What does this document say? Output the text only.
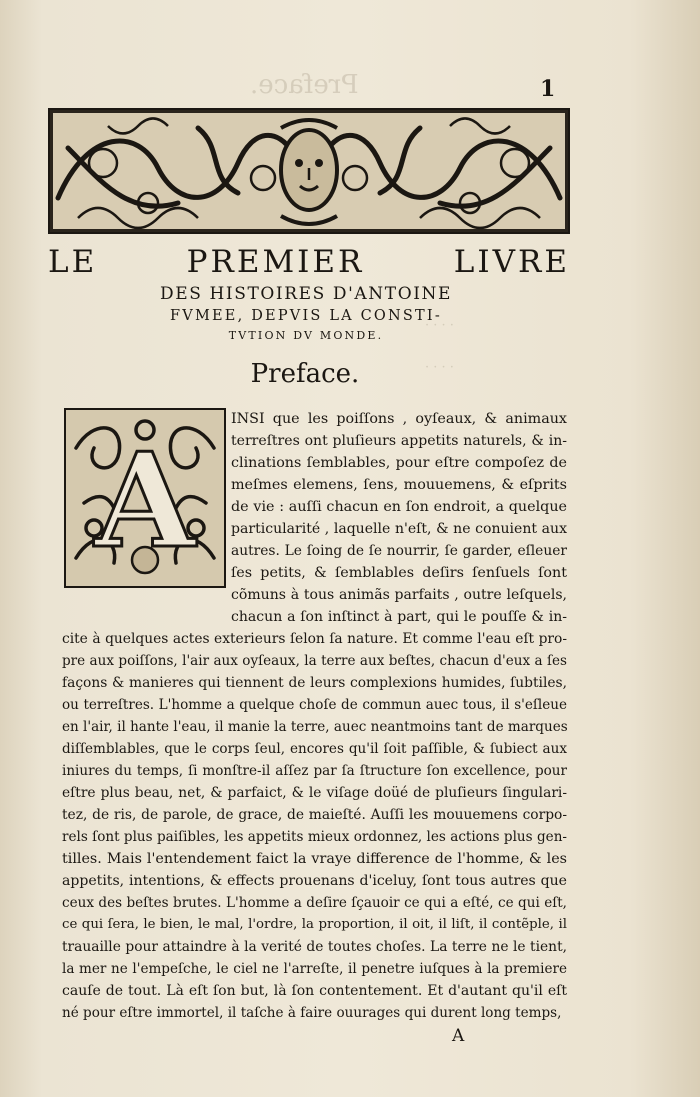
Preface.
· · · ·
· · · ·
1
LE PREMIER LIVRE
DES HISTOIRES D'ANTOINE
FVMEE, DEPVIS LA CONSTI-
TVTION DV MONDE.
Preface.
A
INSI que les poiſſons , oyſeaux, & animaux
terreſtres ont pluſieurs appetits naturels, & in-
clinations ſemblables, pour eſtre compoſez de
meſmes elemens, ſens, mouuemens, & eſprits
de vie : auſſi chacun en ſon endroit, a quelque
particularité , laquelle n'eſt, & ne conuient aux
autres. Le ſoing de ſe nourrir, ſe garder, eſleuer
ſes petits, & ſemblables deſirs ſenſuels ſont
cõmuns à tous animãs parfaits , outre leſquels,
chacun a ſon inſtinct à part, qui le pouſſe & in-
cite à quelques actes exterieurs ſelon ſa nature. Et comme l'eau eſt pro-
pre aux poiſſons, l'air aux oyſeaux, la terre aux beſtes, chacun d'eux a ſes
façons & manieres qui tiennent de leurs complexions humides, ſubtiles,
ou terreſtres. L'homme a quelque choſe de commun auec tous, il s'eſleue
en l'air, il hante l'eau, il manie la terre, auec neantmoins tant de marques
diſſemblables, que le corps ſeul, encores qu'il ſoit paſſible, & ſubiect aux
iniures du temps, ſi monſtre-il aſſez par ſa ſtructure ſon excellence, pour
eſtre plus beau, net, & parfaict, & le viſage doüé de pluſieurs ſingulari-
tez, de ris, de parole, de grace, de maieſté. Auſſi les mouuemens corpo-
rels ſont plus paiſibles, les appetits mieux ordonnez, les actions plus gen-
tilles. Mais l'entendement faict la vraye difference de l'homme, & les
appetits, intentions, & effects prouenans d'iceluy, ſont tous autres que
ceux des beſtes brutes. L'homme a deſire ſçauoir ce qui a eſté, ce qui eſt,
ce qui ſera, le bien, le mal, l'ordre, la proportion, il oit, il liſt, il contẽple, il
trauaille pour attaindre à la verité de toutes choſes. La terre ne le tient,
la mer ne l'empeſche, le ciel ne l'arreſte, il penetre iuſques à la premiere
cauſe de tout. Là eſt ſon but, là ſon contentement. Et d'autant qu'il eſt
né pour eſtre immortel, il taſche à faire ouurages qui durent long temps,
A
